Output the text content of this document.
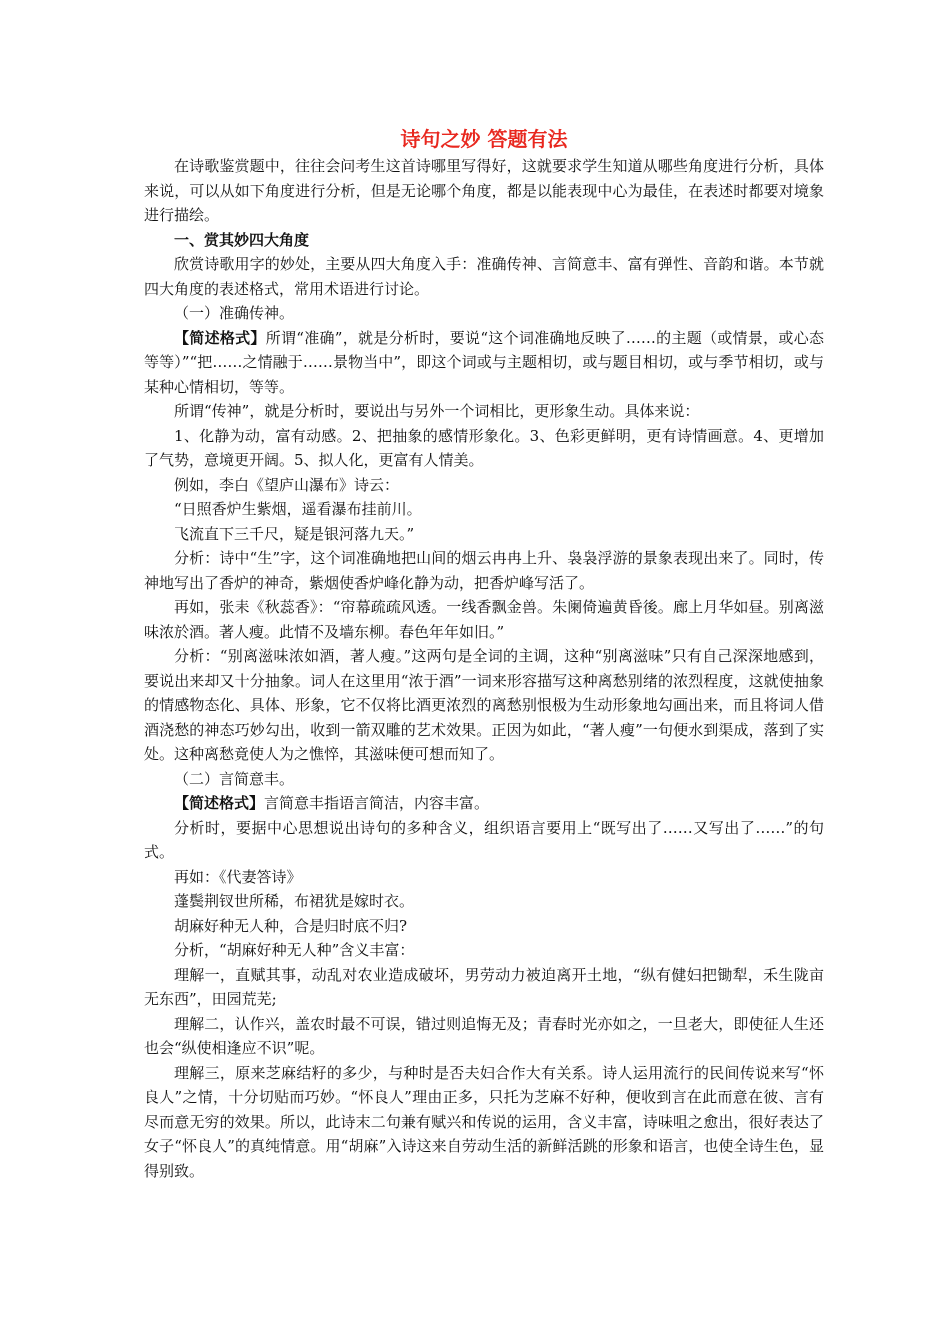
诗句之妙 答题有法

在诗歌鉴赏题中，往往会问考生这首诗哪里写得好，这就要求学生知道从哪些角度进行分析，具体来说，可以从如下角度进行分析，但是无论哪个角度，都是以能表现中心为最佳，在表述时都要对境象进行描绘。

一、赏其妙四大角度

欣赏诗歌用字的妙处，主要从四大角度入手：准确传神、言简意丰、富有弹性、音韵和谐。本节就四大角度的表述格式，常用术语进行讨论。

（一）准确传神。

【简述格式】所谓“准确”，就是分析时，要说“这个词准确地反映了……的主题（或情景，或心态等等）”“把……之情融于……景物当中”，即这个词或与主题相切，或与题目相切，或与季节相切，或与某种心情相切，等等。

所谓“传神”，就是分析时，要说出与另外一个词相比，更形象生动。具体来说：

1、化静为动，富有动感。2、把抽象的感情形象化。3、色彩更鲜明，更有诗情画意。4、更增加了气势，意境更开阔。5、拟人化，更富有人情美。

例如，李白《望庐山瀑布》诗云：

“日照香炉生紫烟，遥看瀑布挂前川。

飞流直下三千尺，疑是银河落九天。”

分析：诗中“生”字，这个词准确地把山间的烟云冉冉上升、袅袅浮游的景象表现出来了。同时，传神地写出了香炉的神奇，紫烟使香炉峰化静为动，把香炉峰写活了。

再如，张耒《秋蕊香》：“帘幕疏疏风透。一线香飘金兽。朱阑倚遍黄昏後。廊上月华如昼。别离滋味浓於酒。著人瘦。此情不及墙东柳。春色年年如旧。”

分析：“别离滋味浓如酒，著人瘦。”这两句是全词的主调，这种“别离滋味”只有自己深深地感到，要说出来却又十分抽象。词人在这里用“浓于酒”一词来形容描写这种离愁别绪的浓烈程度，这就使抽象的情感物态化、具体、形象，它不仅将比酒更浓烈的离愁别恨极为生动形象地勾画出来，而且将词人借酒浇愁的神态巧妙勾出，收到一箭双雕的艺术效果。正因为如此，“著人瘦”一句便水到渠成，落到了实处。这种离愁竟使人为之憔悴，其滋味便可想而知了。

（二）言简意丰。

【简述格式】言简意丰指语言简洁，内容丰富。

分析时，要据中心思想说出诗句的多种含义，组织语言要用上“既写出了……又写出了……”的句式。

再如：《代妻答诗》

蓬鬓荆钗世所稀，布裙犹是嫁时衣。

胡麻好种无人种，合是归时底不归?

分析，“胡麻好种无人种”含义丰富：

理解一，直赋其事，动乱对农业造成破坏，男劳动力被迫离开土地，“纵有健妇把锄犁，禾生陇亩无东西”，田园荒芜;

理解二，认作兴，盖农时最不可误，错过则追悔无及；青春时光亦如之，一旦老大，即使征人生还也会“纵使相逢应不识”呢。

理解三，原来芝麻结籽的多少，与种时是否夫妇合作大有关系。诗人运用流行的民间传说来写“怀良人”之情，十分切贴而巧妙。“怀良人”理由正多，只托为芝麻不好种，便收到言在此而意在彼、言有尽而意无穷的效果。所以，此诗末二句兼有赋兴和传说的运用，含义丰富，诗味咀之愈出，很好表达了女子“怀良人”的真纯情意。用“胡麻”入诗这来自劳动生活的新鲜活跳的形象和语言，也使全诗生色，显得别致。
